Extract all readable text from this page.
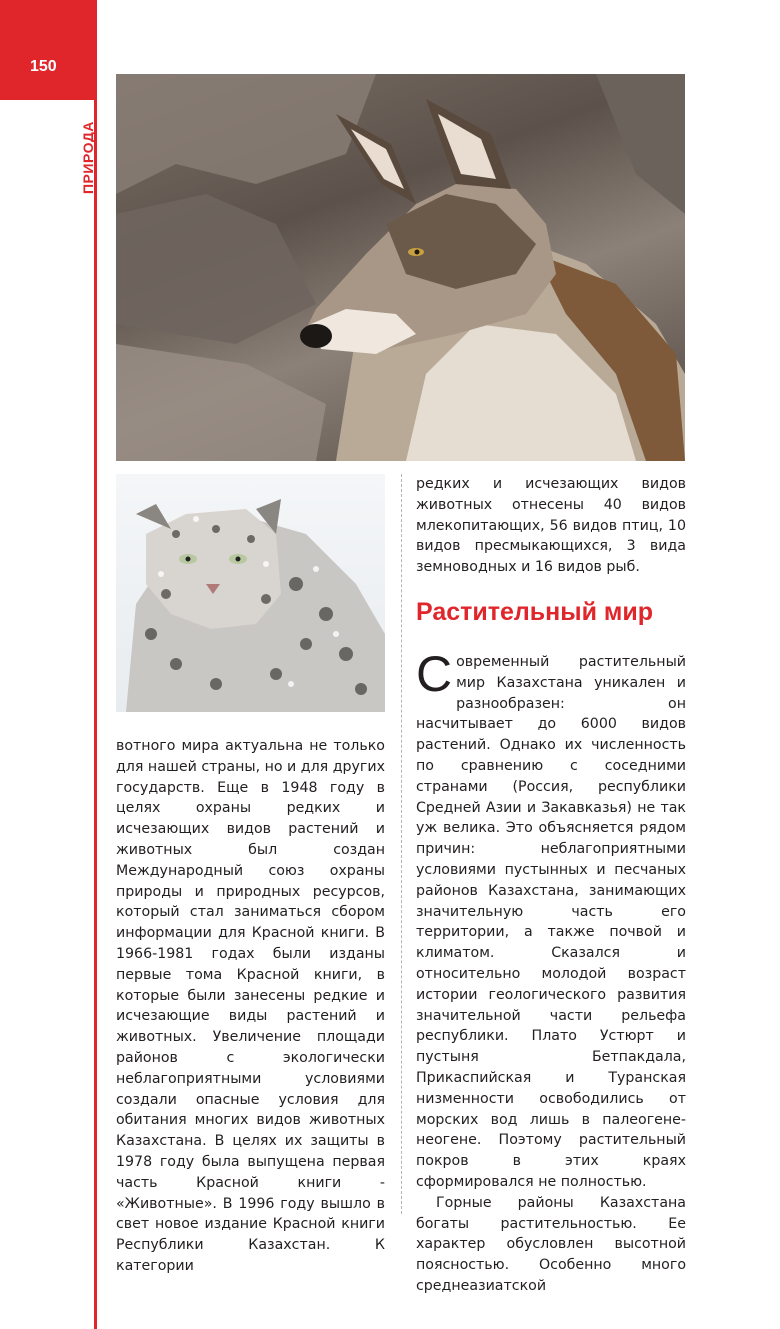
150
ПРИРОДА
вотного мира актуальна не только для нашей страны, но и для других государств. Еще в 1948 году в целях охраны редких и исчезающих видов растений и животных был создан Международный союз охраны природы и природных ресурсов, который стал заниматься сбором информации для Красной книги. В 1966-1981 годах были изданы первые тома Красной книги, в которые были занесены редкие и исчезающие виды растений и животных. Увеличение площади районов с экологически неблагоприятными условиями создали опасные условия для обитания многих видов животных Казахстана. В целях их защиты в 1978 году была выпущена первая часть Красной книги - «Животные». В 1996 году вышло в свет новое издание Красной книги Республики Казахстан. К категории
редких и исчезающих видов животных отнесены 40 видов млекопитающих, 56 видов птиц, 10 видов пресмыкающихся, 3 вида земноводных и 16 видов рыб.
Растительный мир
Современный растительный мир Казахстана уникален и разнообразен: он насчитывает до 6000 видов растений. Однако их численность по сравнению с соседними странами (Россия, республики Средней Азии и Закавказья) не так уж велика. Это объясняется рядом причин: неблагоприятными условиями пустынных и песчаных районов Казахстана, занимающих значительную часть его территории, а также почвой и климатом. Сказался и относительно молодой возраст истории геологического развития значительной части рельефа республики. Плато Устюрт и пустыня Бетпакдала, Прикаспийская и Туранская низменности освободились от морских вод лишь в палеогене-неогене. Поэтому растительный покров в этих краях сформировался не полностью.
Горные районы Казахстана богаты растительностью. Ее характер обусловлен высотной поясностью. Особенно много среднеазиатской
